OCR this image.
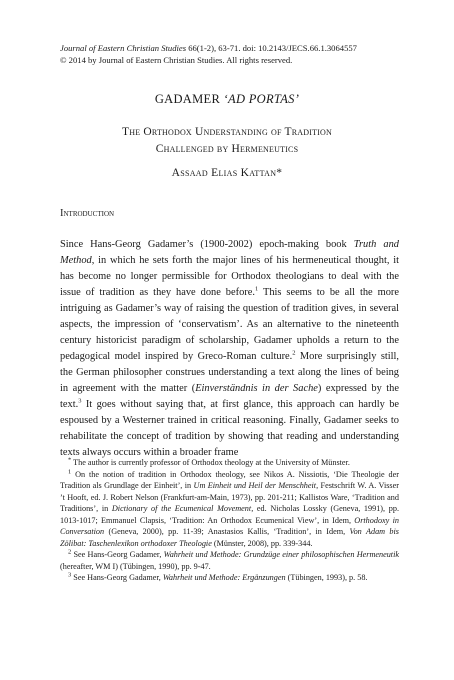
Journal of Eastern Christian Studies 66(1-2), 63-71. doi: 10.2143/JECS.66.1.3064557
© 2014 by Journal of Eastern Christian Studies. All rights reserved.
GADAMER ‘AD PORTAS’
The Orthodox Understanding of Tradition
Challenged by Hermeneutics
Assaad Elias Kattan*
Introduction

Since Hans-Georg Gadamer’s (1900-2002) epoch-making book Truth and Method, in which he sets forth the major lines of his hermeneutical thought, it has become no longer permissible for Orthodox theologians to deal with the issue of tradition as they have done before.$^1$ This seems to be all the more intriguing as Gadamer’s way of raising the question of tradition gives, in several aspects, the impression of ‘conservatism’. As an alternative to the nineteenth century historicist paradigm of scholarship, Gadamer upholds a return to the pedagogical model inspired by Greco-Roman culture.$^2$ More surprisingly still, the German philosopher construes understanding a text along the lines of being in agreement with the matter (Einverständnis in der Sache) expressed by the text.$^3$ It goes without saying that, at first glance, this approach can hardly be espoused by a Westerner trained in critical reasoning. Finally, Gadamer seeks to rehabilitate the concept of tradition by showing that reading and understanding texts always occurs within a broader frame

* The author is currently professor of Orthodox theology at the University of Münster.

$^1$ On the notion of tradition in Orthodox theology, see Nikos A. Nissiotis, ‘Die Theologie der Tradition als Grundlage der Einheit’, in Um Einheit und Heil der Menschheit, Festschrift W. A. Visser ’t Hooft, ed. J. Robert Nelson (Frankfurt-am-Main, 1973), pp. 201-211; Kallistos Ware, ‘Tradition and Traditions’, in Dictionary of the Ecumenical Movement, ed. Nicholas Lossky (Geneva, 1991), pp. 1013-1017; Emmanuel Clapsis, ‘Tradition: An Orthodox Ecumenical View’, in Idem, Orthodoxy in Conversation (Geneva, 2000), pp. 11-39; Anastasios Kallis, ‘Tradition’, in Idem, Von Adam bis Zölibat: Taschenlexikon orthodoxer Theologie (Münster, 2008), pp. 339-344.

$^2$ See Hans-Georg Gadamer, Wahrheit und Methode: Grundzüge einer philosophischen Hermeneutik (hereafter, WM I) (Tübingen, 1990), pp. 9-47.

$^3$ See Hans-Georg Gadamer, Wahrheit und Methode: Ergänzungen (Tübingen, 1993), p. 58.
